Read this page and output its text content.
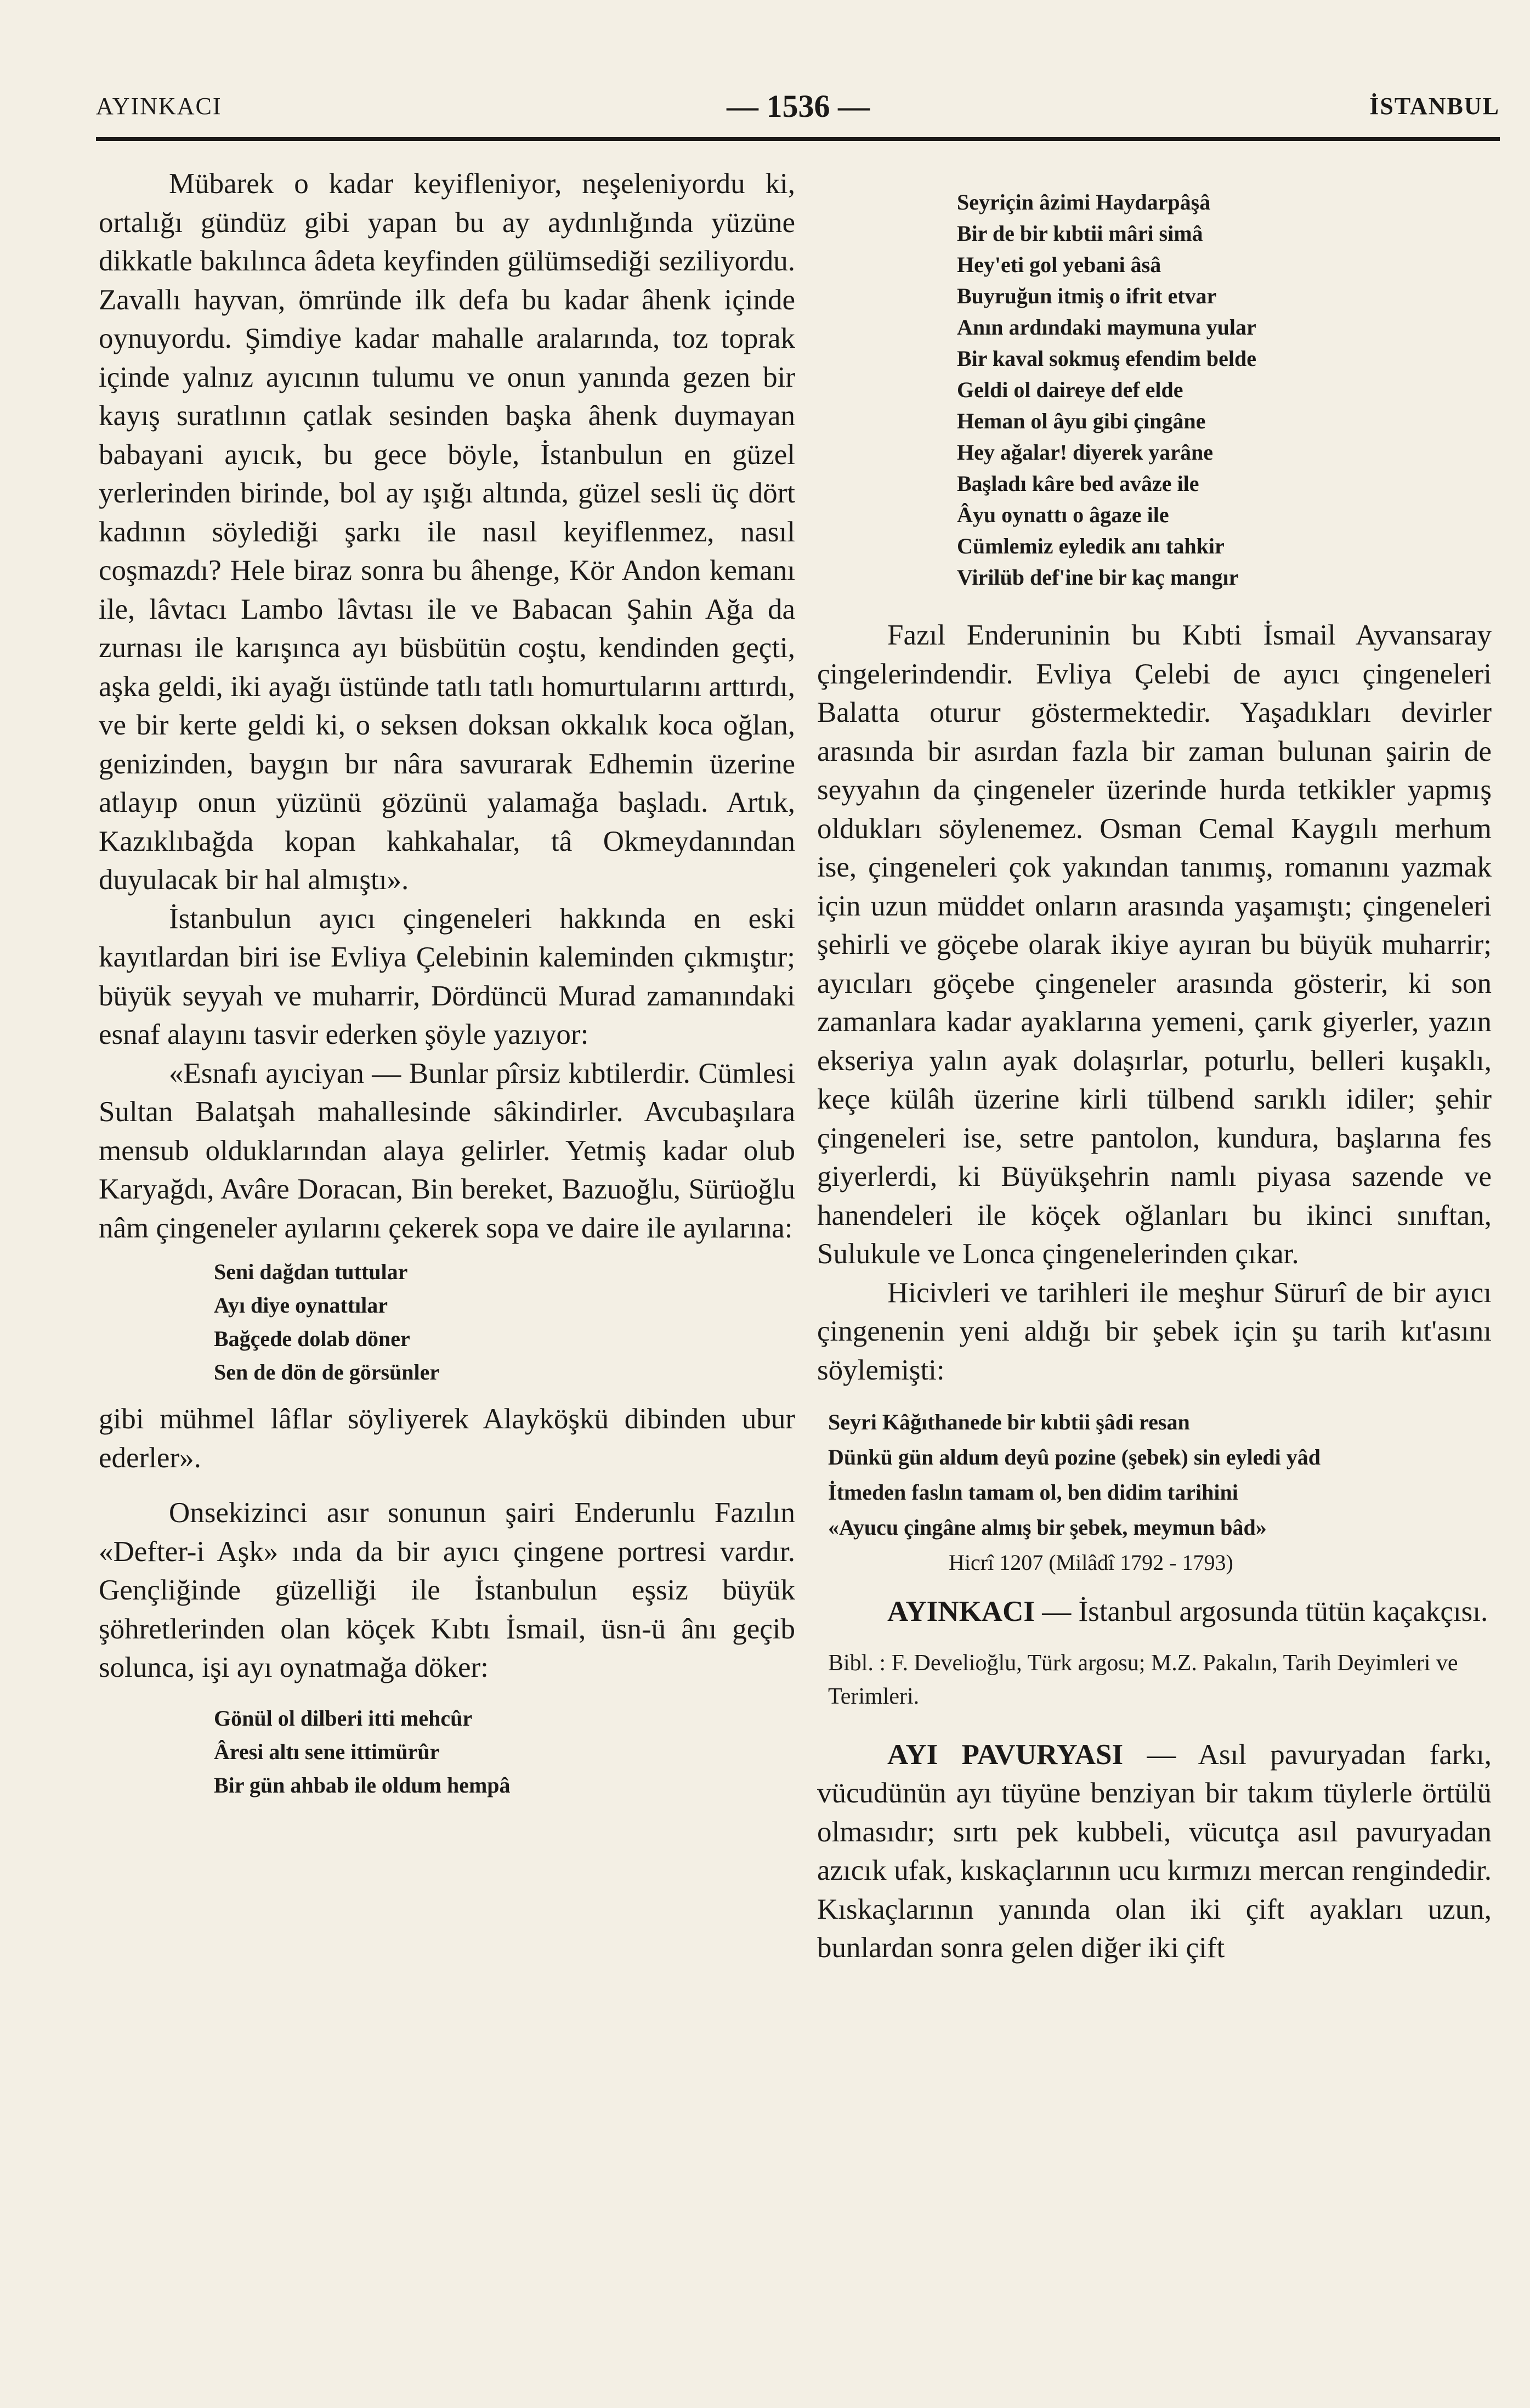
AYINKACI	— 1536 —	İSTANBUL

Mübarek o kadar keyifleniyor, neşeleniyordu ki, ortalığı gündüz gibi yapan bu ay aydınlığında yüzüne dikkatle bakılınca âdeta keyfinden gülümsediği seziliyordu. Zavallı hayvan, ömründe ilk defa bu kadar âhenk içinde oynuyordu. Şimdiye kadar mahalle aralarında, toz toprak içinde yalnız ayıcının tulumu ve onun yanında gezen bir kayış suratlının çatlak sesinden başka âhenk duymayan babayani ayıcık, bu gece böyle, İstanbulun en güzel yerlerinden birinde, bol ay ışığı altında, güzel sesli üç dört kadının söylediği şarkı ile nasıl keyiflenmez, nasıl coşmazdı? Hele biraz sonra bu âhenge, Kör Andon kemanı ile, lâvtacı Lambo lâvtası ile ve Babacan Şahin Ağa da zurnası ile karışınca ayı büsbütün coştu, kendinden geçti, aşka geldi, iki ayağı üstünde tatlı tatlı homurtularını arttırdı, ve bir kerte geldi ki, o seksen doksan okkalık koca oğlan, genizinden, baygın bır nâra savurarak Edhemin üzerine atlayıp onun yüzünü gözünü yalamağa başladı. Artık, Kazıklıbağda kopan kahkahalar, tâ Okmeydanından duyulacak bir hal almıştı».

İstanbulun ayıcı çingeneleri hakkında en eski kayıtlardan biri ise Evliya Çelebinin kaleminden çıkmıştır; büyük seyyah ve muharrir, Dördüncü Murad zamanındaki esnaf alayını tasvir ederken şöyle yazıyor:

«Esnafı ayıciyan — Bunlar pîrsiz kıbtilerdir. Cümlesi Sultan Balatşah mahallesinde sâkindirler. Avcubaşılara mensub olduklarından alaya gelirler. Yetmiş kadar olub Karyağdı, Avâre Doracan, Bin bereket, Bazuoğlu, Sürüoğlu nâm çingeneler ayılarını çekerek sopa ve daire ile ayılarına:

Seni dağdan tuttular
Ayı diye oynattılar
Bağçede dolab döner
Sen de dön de görsünler

gibi mühmel lâflar söyliyerek Alayköşkü dibinden ubur ederler».

Onsekizinci asır sonunun şairi Enderunlu Fazılın «Defter-i Aşk» ında da bir ayıcı çingene portresi vardır. Gençliğinde güzelliği ile İstanbulun eşsiz büyük şöhretlerinden olan köçek Kıbtı İsmail, üsn-ü ânı geçib solunca, işi ayı oynatmağa döker:

Gönül ol dilberi itti mehcûr
Âresi altı sene ittimürûr
Bir gün ahbab ile oldum hempâ
Seyriçin âzimi Haydarpâşâ
Bir de bir kıbtii mâri simâ
Hey'eti gol yebani âsâ
Buyruğun itmiş o ifrit etvar
Anın ardındaki maymuna yular
Bir kaval sokmuş efendim belde
Geldi ol daireye def elde
Heman ol âyu gibi çingâne
Hey ağalar! diyerek yarâne
Başladı kâre bed avâze ile
Âyu oynattı o âgaze ile
Cümlemiz eyledik anı tahkir
Virilüb def'ine bir kaç mangır

Fazıl Enderuninin bu Kıbti İsmail Ayvansaray çingelerindendir. Evliya Çelebi de ayıcı çingeneleri Balatta oturur göstermektedir. Yaşadıkları devirler arasında bir asırdan fazla bir zaman bulunan şairin de seyyahın da çingeneler üzerinde hurda tetkikler yapmış oldukları söylenemez. Osman Cemal Kaygılı merhum ise, çingeneleri çok yakından tanımış, romanını yazmak için uzun müddet onların arasında yaşamıştı; çingeneleri şehirli ve göçebe olarak ikiye ayıran bu büyük muharrir; ayıcıları göçebe çingeneler arasında gösterir, ki son zamanlara kadar ayaklarına yemeni, çarık giyerler, yazın ekseriya yalın ayak dolaşırlar, poturlu, belleri kuşaklı, keçe külâh üzerine kirli tülbend sarıklı idiler; şehir çingeneleri ise, setre pantolon, kundura, başlarına fes giyerlerdi, ki Büyükşehrin namlı piyasa sazende ve hanendeleri ile köçek oğlanları bu ikinci sınıftan, Sulukule ve Lonca çingenelerinden çıkar.

Hicivleri ve tarihleri ile meşhur Sürurî de bir ayıcı çingenenin yeni aldığı bir şebek için şu tarih kıt'asını söylemişti:

Seyri Kâğıthanede bir kıbtii şâdi resan
Dünkü gün aldum deyû pozine (şebek) sin eyledi yâd
İtmeden faslın tamam ol, ben didim tarihini
«Ayucu çingâne almış bir şebek, meymun bâd»
Hicrî 1207 (Milâdî 1792 - 1793)

AYINKACI — İstanbul argosunda tütün kaçakçısı.

Bibl. : F. Develioğlu, Türk argosu; M.Z. Pakalın, Tarih Deyimleri ve Terimleri.

AYI PAVURYASI — Asıl pavuryadan farkı, vücudünün ayı tüyüne benziyan bir takım tüylerle örtülü olmasıdır; sırtı pek kubbeli, vücutça asıl pavuryadan azıcık ufak, kıskaçlarının ucu kırmızı mercan rengindedir. Kıskaçlarının yanında olan iki çift ayakları uzun, bunlardan sonra gelen diğer iki çift
